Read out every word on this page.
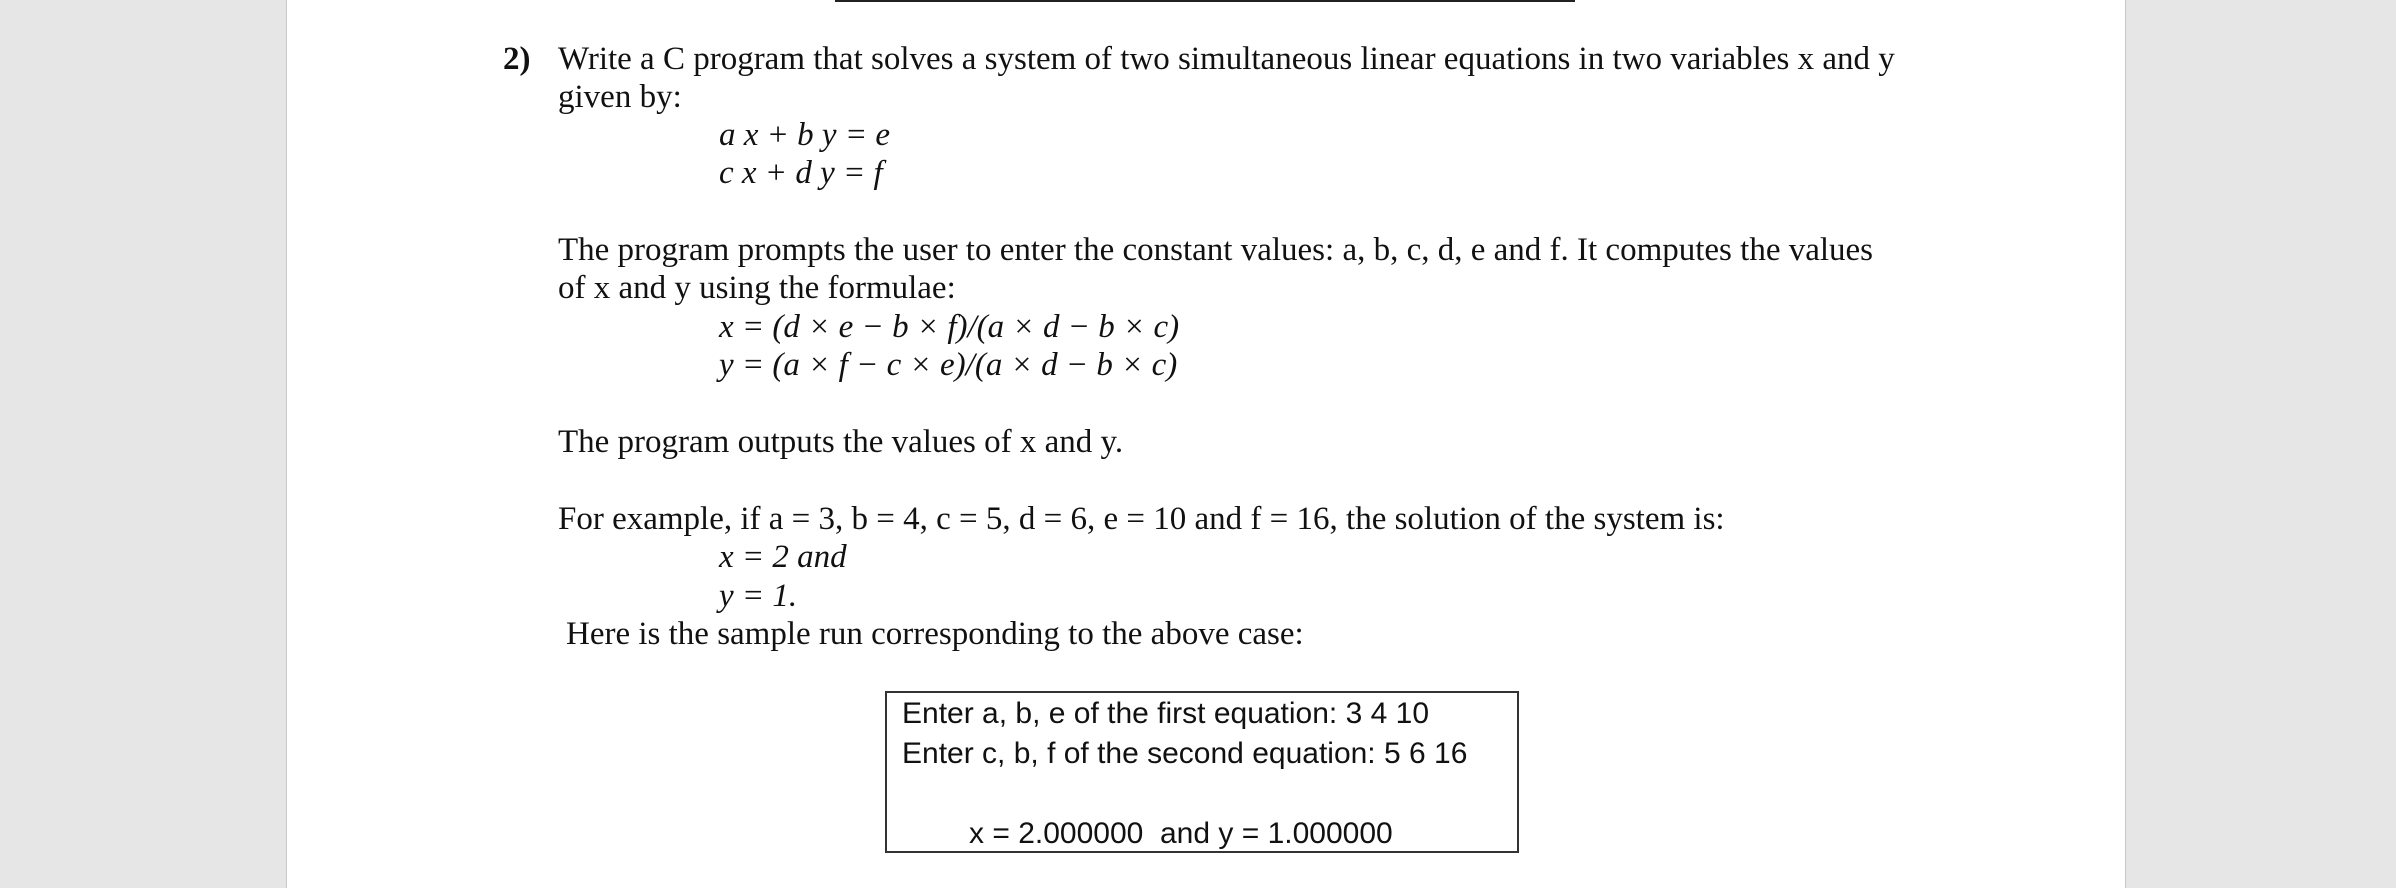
2) Write a C program that solves a system of two simultaneous linear equations in two variables x and y
given by:
a x + b y = e
c x + d y = f
The program prompts the user to enter the constant values: a, b, c, d, e and f. It computes the values
of x and y using the formulae:
x = (d × e − b × f)/(a × d − b × c)
y = (a × f − c × e)/(a × d − b × c)
The program outputs the values of x and y.
For example, if a = 3, b = 4, c = 5, d = 6, e = 10 and f = 16, the solution of the system is:
x = 2 and
y = 1.
Here is the sample run corresponding to the above case:
Enter a, b, e of the first equation: 3 4 10
Enter c, b, f of the second equation: 5 6 16
x = 2.000000  and y = 1.000000
